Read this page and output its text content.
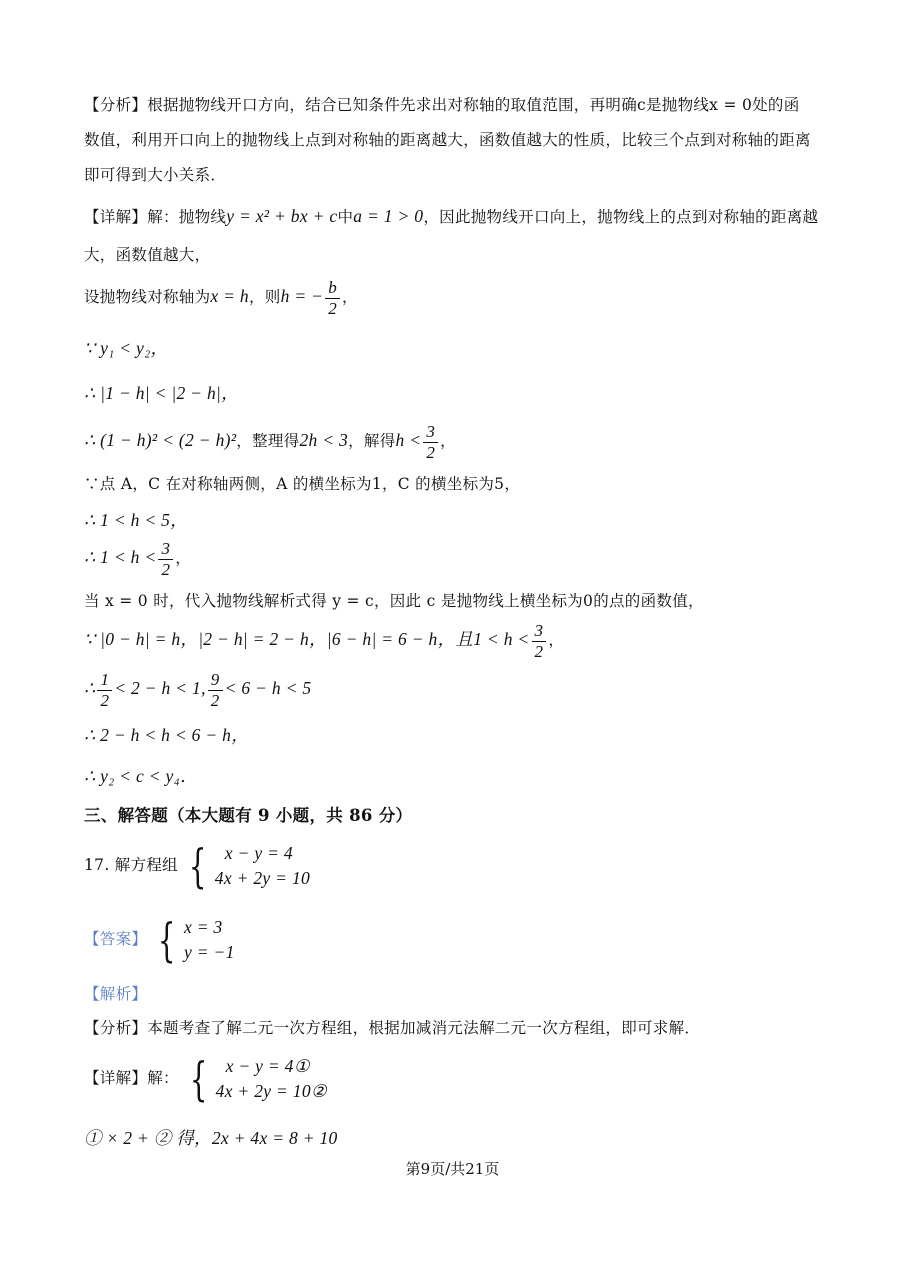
【分析】根据抛物线开口方向，结合已知条件先求出对称轴的取值范围，再明确c是抛物线x = 0处的函
数值，利用开口向上的抛物线上点到对称轴的距离越大，函数值越大的性质，比较三个点到对称轴的距离
即可得到大小关系．
【详解】解：抛物线y = x² + bx + c中a = 1 > 0，因此抛物线开口向上，抛物线上的点到对称轴的距离越
大，函数值越大，
设抛物线对称轴为x = h，则h = − $\frac{b}{2}$ ，
∵ y₁ < y₂，
∴ |1 − h| < |2 − h|，
∴ (1 − h)² < (2 − h)²，整理得2h < 3，解得$h < \frac{3}{2}$ ，
∵点 A，C 在对称轴两侧，A 的横坐标为1，C 的横坐标为5，
∴ 1 < h < 5，
∴ $1 < h < \frac{3}{2}$ ，
当 x = 0 时，代入抛物线解析式得 y = c，因此 c 是抛物线上横坐标为0的点的函数值，
∵ |0 − h| = h，|2 − h| = 2 − h，|6 − h| = 6 − h，且$1 < h < \frac{3}{2}$ ，
∴ $\frac{1}{2} < 2 - h < 1$, $\frac{9}{2} < 6 - h < 5$
∴ 2 − h < h < 6 − h，
∴ y₂ < c < y₄．
三、解答题（本大题有 9 小题，共 86 分）
17. 解方程组 {	x − y = 4
4x + 2y = 10
【答案】 { x = 3
y = −1
【解析】
【分析】本题考查了解二元一次方程组，根据加减消元法解二元一次方程组，即可求解．
【详解】解： {	x − y = 4①
4x + 2y = 10②
① × 2 + ② 得，2x + 4x = 8 + 10
第9页/共21页
